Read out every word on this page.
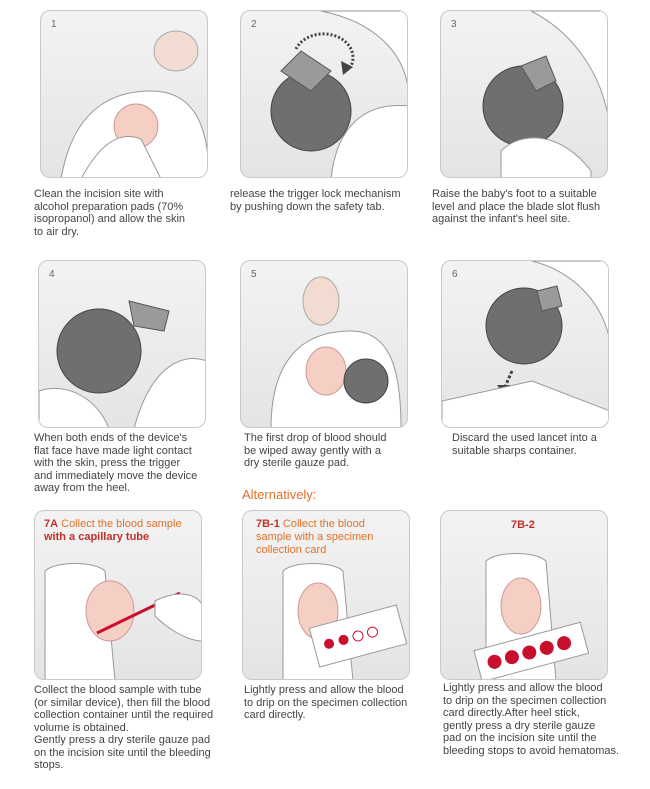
1
Clean the incision site with
alcohol preparation pads (70%
isopropanol) and allow the skin
to air dry.
2
release the trigger lock mechanism
by pushing down the safety tab.
3
Raise the baby's foot to a suitable
level and place the blade slot flush
against the infant's heel site.
4
When both ends of the device's
flat face have made light contact
with the skin, press the trigger
and immediately move the device
away from the heel.
5
The first drop of blood should
be wiped away gently with a
dry sterile gauze pad.
6
Discard the used lancet into a
suitable sharps container.
Alternatively:
7A Collect the blood sample
with a capillary tube
Collect the blood sample with tube
(or similar device), then fill the blood
collection container until the required
volume is obtained.
Gently press a dry sterile gauze pad
on the incision site until the bleeding
stops.
7B-1 Collect the blood
sample with a specimen
collection card
Lightly press and allow the blood
to drip on the specimen collection
card directly.
7B-2
Lightly press and allow the blood
to drip on the specimen collection
card directly.After heel stick,
gently press a dry sterile gauze
pad on the incision site until the
bleeding stops to avoid hematomas.
